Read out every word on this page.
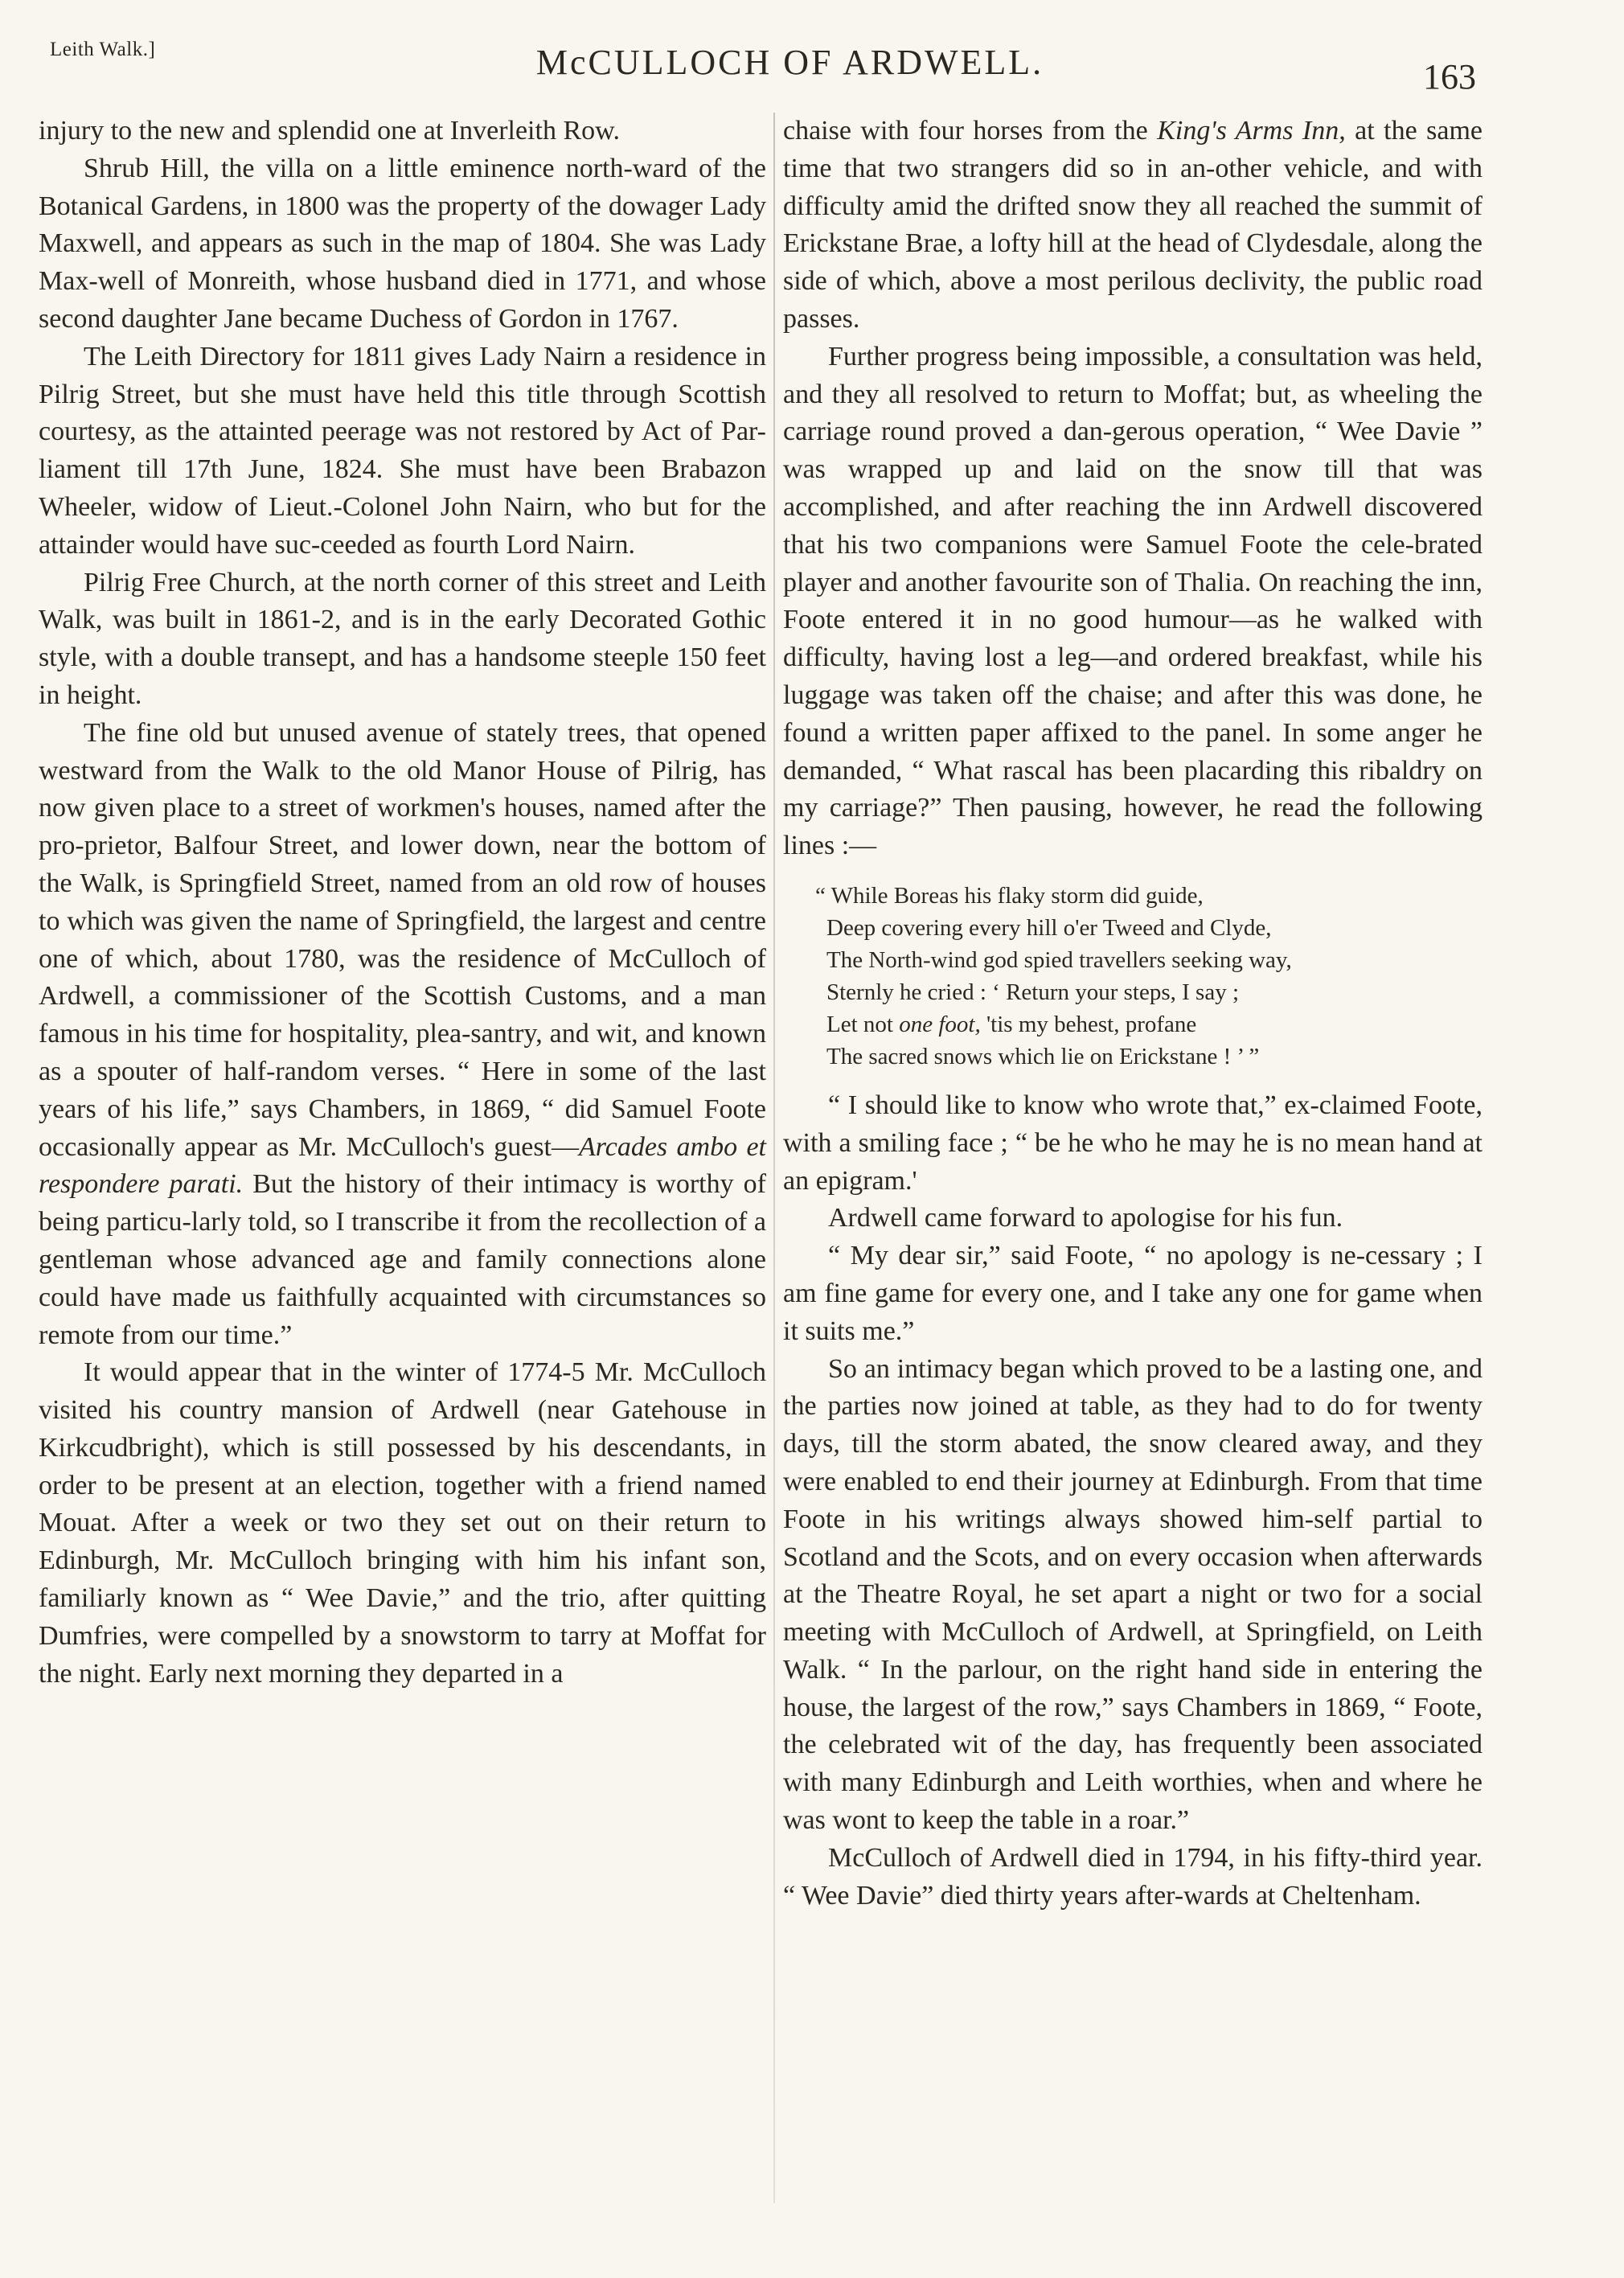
Leith Walk.]	McCULLOCH OF ARDWELL.	163

injury to the new and splendid one at Inverleith Row.

Shrub Hill, the villa on a little eminence north-ward of the Botanical Gardens, in 1800 was the property of the dowager Lady Maxwell, and appears as such in the map of 1804. She was Lady Max-well of Monreith, whose husband died in 1771, and whose second daughter Jane became Duchess of Gordon in 1767.

The Leith Directory for 1811 gives Lady Nairn a residence in Pilrig Street, but she must have held this title through Scottish courtesy, as the attainted peerage was not restored by Act of Par-liament till 17th June, 1824. She must have been Brabazon Wheeler, widow of Lieut.-Colonel John Nairn, who but for the attainder would have suc-ceeded as fourth Lord Nairn.

Pilrig Free Church, at the north corner of this street and Leith Walk, was built in 1861-2, and is in the early Decorated Gothic style, with a double transept, and has a handsome steeple 150 feet in height.

The fine old but unused avenue of stately trees, that opened westward from the Walk to the old Manor House of Pilrig, has now given place to a street of workmen's houses, named after the pro-prietor, Balfour Street, and lower down, near the bottom of the Walk, is Springfield Street, named from an old row of houses to which was given the name of Springfield, the largest and centre one of which, about 1780, was the residence of McCulloch of Ardwell, a commissioner of the Scottish Customs, and a man famous in his time for hospitality, plea-santry, and wit, and known as a spouter of half-random verses. “ Here in some of the last years of his life,” says Chambers, in 1869, “ did Samuel Foote occasionally appear as Mr. McCulloch's guest—Arcades ambo et respondere parati. But the history of their intimacy is worthy of being particu-larly told, so I transcribe it from the recollection of a gentleman whose advanced age and family connections alone could have made us faithfully acquainted with circumstances so remote from our time.”

It would appear that in the winter of 1774-5 Mr. McCulloch visited his country mansion of Ardwell (near Gatehouse in Kirkcudbright), which is still possessed by his descendants, in order to be present at an election, together with a friend named Mouat. After a week or two they set out on their return to Edinburgh, Mr. McCulloch bringing with him his infant son, familiarly known as “ Wee Davie,” and the trio, after quitting Dumfries, were compelled by a snowstorm to tarry at Moffat for the night. Early next morning they departed in a

chaise with four horses from the King's Arms Inn, at the same time that two strangers did so in an-other vehicle, and with difficulty amid the drifted snow they all reached the summit of Erickstane Brae, a lofty hill at the head of Clydesdale, along the side of which, above a most perilous declivity, the public road passes.

Further progress being impossible, a consultation was held, and they all resolved to return to Moffat; but, as wheeling the carriage round proved a dan-gerous operation, “ Wee Davie ” was wrapped up and laid on the snow till that was accomplished, and after reaching the inn Ardwell discovered that his two companions were Samuel Foote the cele-brated player and another favourite son of Thalia. On reaching the inn, Foote entered it in no good humour—as he walked with difficulty, having lost a leg—and ordered breakfast, while his luggage was taken off the chaise; and after this was done, he found a written paper affixed to the panel. In some anger he demanded, “ What rascal has been placarding this ribaldry on my carriage?” Then pausing, however, he read the following lines :—

“ While Boreas his flaky storm did guide,
Deep covering every hill o'er Tweed and Clyde,
The North-wind god spied travellers seeking way,
Sternly he cried : ‘ Return your steps, I say ;
Let not one foot, 'tis my behest, profane
The sacred snows which lie on Erickstane ! ’ ”

“ I should like to know who wrote that,” ex-claimed Foote, with a smiling face ; “ be he who he may he is no mean hand at an epigram.'

Ardwell came forward to apologise for his fun.

“ My dear sir,” said Foote, “ no apology is ne-cessary ; I am fine game for every one, and I take any one for game when it suits me.”

So an intimacy began which proved to be a lasting one, and the parties now joined at table, as they had to do for twenty days, till the storm abated, the snow cleared away, and they were enabled to end their journey at Edinburgh. From that time Foote in his writings always showed him-self partial to Scotland and the Scots, and on every occasion when afterwards at the Theatre Royal, he set apart a night or two for a social meeting with McCulloch of Ardwell, at Springfield, on Leith Walk. “ In the parlour, on the right hand side in entering the house, the largest of the row,” says Chambers in 1869, “ Foote, the celebrated wit of the day, has frequently been associated with many Edinburgh and Leith worthies, when and where he was wont to keep the table in a roar.”

McCulloch of Ardwell died in 1794, in his fifty-third year. “ Wee Davie” died thirty years after-wards at Cheltenham.
